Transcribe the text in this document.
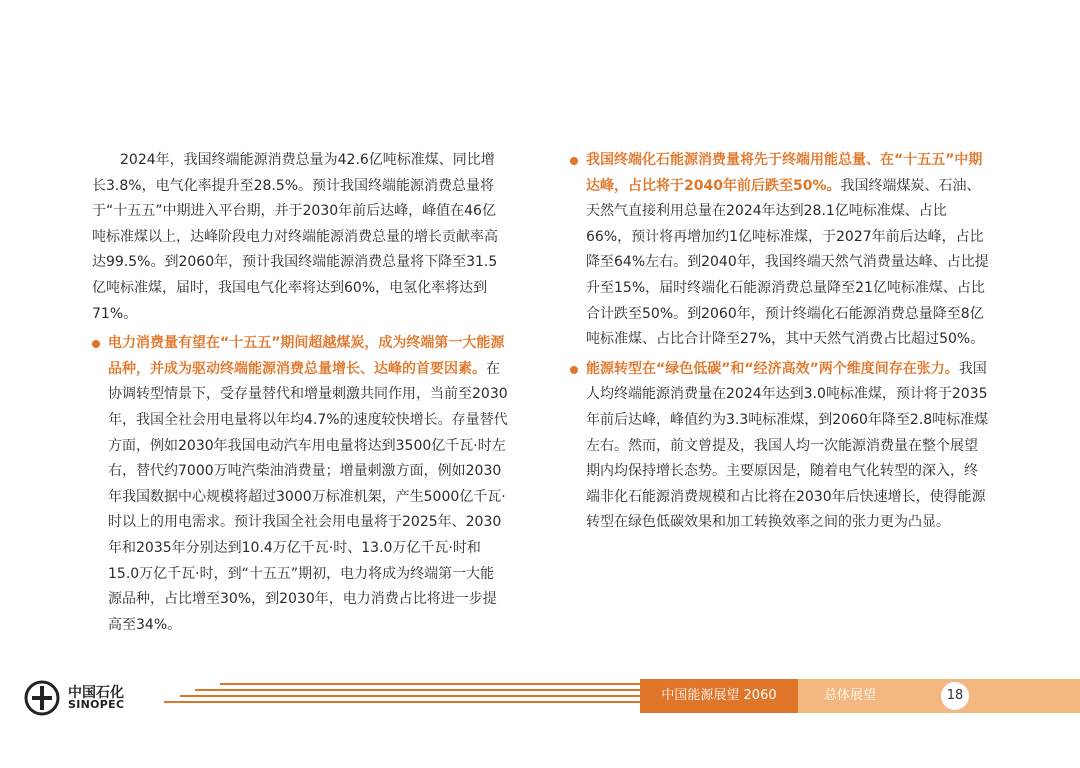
2024年，我国终端能源消费总量为42.6亿吨标准煤、同比增长3.8%，电气化率提升至28.5%。预计我国终端能源消费总量将于“十五五”中期进入平台期，并于2030年前后达峰，峰值在46亿吨标准煤以上，达峰阶段电力对终端能源消费总量的增长贡献率高达99.5%。到2060年，预计我国终端能源消费总量将下降至31.5亿吨标准煤，届时，我国电气化率将达到60%，电氢化率将达到71%。

电力消费量有望在“十五五”期间超越煤炭，成为终端第一大能源品种，并成为驱动终端能源消费总量增长、达峰的首要因素。在协调转型情景下，受存量替代和增量刺激共同作用，当前至2030年，我国全社会用电量将以年均4.7%的速度较快增长。存量替代方面，例如2030年我国电动汽车用电量将达到3500亿千瓦·时左右，替代约7000万吨汽柴油消费量；增量刺激方面，例如2030年我国数据中心规模将超过3000万标准机架，产生5000亿千瓦·时以上的用电需求。预计我国全社会用电量将于2025年、2030年和2035年分别达到10.4万亿千瓦·时、13.0万亿千瓦·时和15.0万亿千瓦·时，到“十五五”期初，电力将成为终端第一大能源品种，占比增至30%，到2030年，电力消费占比将进一步提高至34%。

我国终端化石能源消费量将先于终端用能总量、在“十五五”中期达峰，占比将于2040年前后跌至50%。我国终端煤炭、石油、天然气直接利用总量在2024年达到28.1亿吨标准煤、占比66%，预计将再增加约1亿吨标准煤，于2027年前后达峰，占比降至64%左右。到2040年，我国终端天然气消费量达峰、占比提升至15%，届时终端化石能源消费总量降至21亿吨标准煤、占比合计跌至50%。到2060年，预计终端化石能源消费总量降至8亿吨标准煤、占比合计降至27%，其中天然气消费占比超过50%。

能源转型在“绿色低碳”和“经济高效”两个维度间存在张力。我国人均终端能源消费量在2024年达到3.0吨标准煤，预计将于2035年前后达峰，峰值约为3.3吨标准煤，到2060年降至2.8吨标准煤左右。然而，前文曾提及，我国人均一次能源消费量在整个展望期内均保持增长态势。主要原因是，随着电气化转型的深入，终端非化石能源消费规模和占比将在2030年后快速增长，使得能源转型在绿色低碳效果和加工转换效率之间的张力更为凸显。

中国石化
SINOPEC
中国能源展望 2060	总体展望	18
